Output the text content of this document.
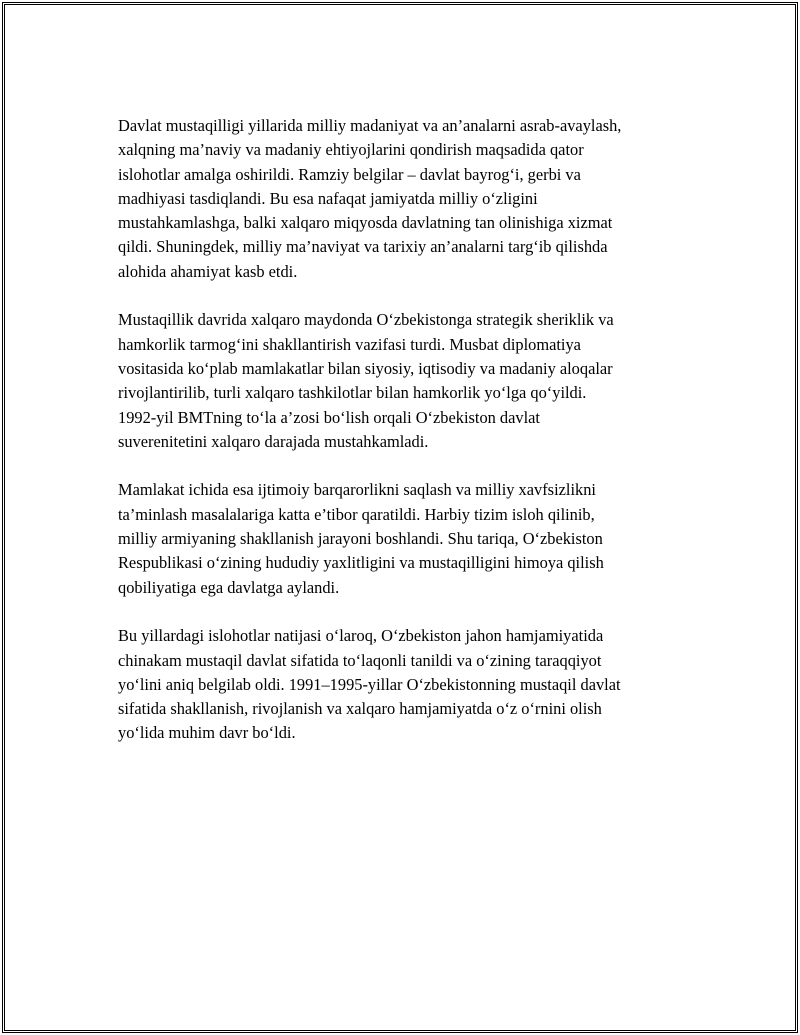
Davlat mustaqilligi yillarida milliy madaniyat va an’analarni asrab-avaylash,
xalqning ma’naviy va madaniy ehtiyojlarini qondirish maqsadida qator
islohotlar amalga oshirildi. Ramziy belgilar – davlat bayrog‘i, gerbi va
madhiyasi tasdiqlandi. Bu esa nafaqat jamiyatda milliy o‘zligini
mustahkamlashga, balki xalqaro miqyosda davlatning tan olinishiga xizmat
qildi. Shuningdek, milliy ma’naviyat va tarixiy an’analarni targ‘ib qilishda
alohida ahamiyat kasb etdi.

Mustaqillik davrida xalqaro maydonda O‘zbekistonga strategik sheriklik va
hamkorlik tarmog‘ini shakllantirish vazifasi turdi. Musbat diplomatiya
vositasida ko‘plab mamlakatlar bilan siyosiy, iqtisodiy va madaniy aloqalar
rivojlantirilib, turli xalqaro tashkilotlar bilan hamkorlik yo‘lga qo‘yildi.
1992-yil BMTning to‘la a’zosi bo‘lish orqali O‘zbekiston davlat
suverenitetini xalqaro darajada mustahkamladi.

Mamlakat ichida esa ijtimoiy barqarorlikni saqlash va milliy xavfsizlikni
ta’minlash masalalariga katta e’tibor qaratildi. Harbiy tizim isloh qilinib,
milliy armiyaning shakllanish jarayoni boshlandi. Shu tariqa, O‘zbekiston
Respublikasi o‘zining hududiy yaxlitligini va mustaqilligini himoya qilish
qobiliyatiga ega davlatga aylandi.

Bu yillardagi islohotlar natijasi o‘laroq, O‘zbekiston jahon hamjamiyatida
chinakam mustaqil davlat sifatida to‘laqonli tanildi va o‘zining taraqqiyot
yo‘lini aniq belgilab oldi. 1991–1995-yillar O‘zbekistonning mustaqil davlat
sifatida shakllanish, rivojlanish va xalqaro hamjamiyatda o‘z o‘rnini olish
yo‘lida muhim davr bo‘ldi.
